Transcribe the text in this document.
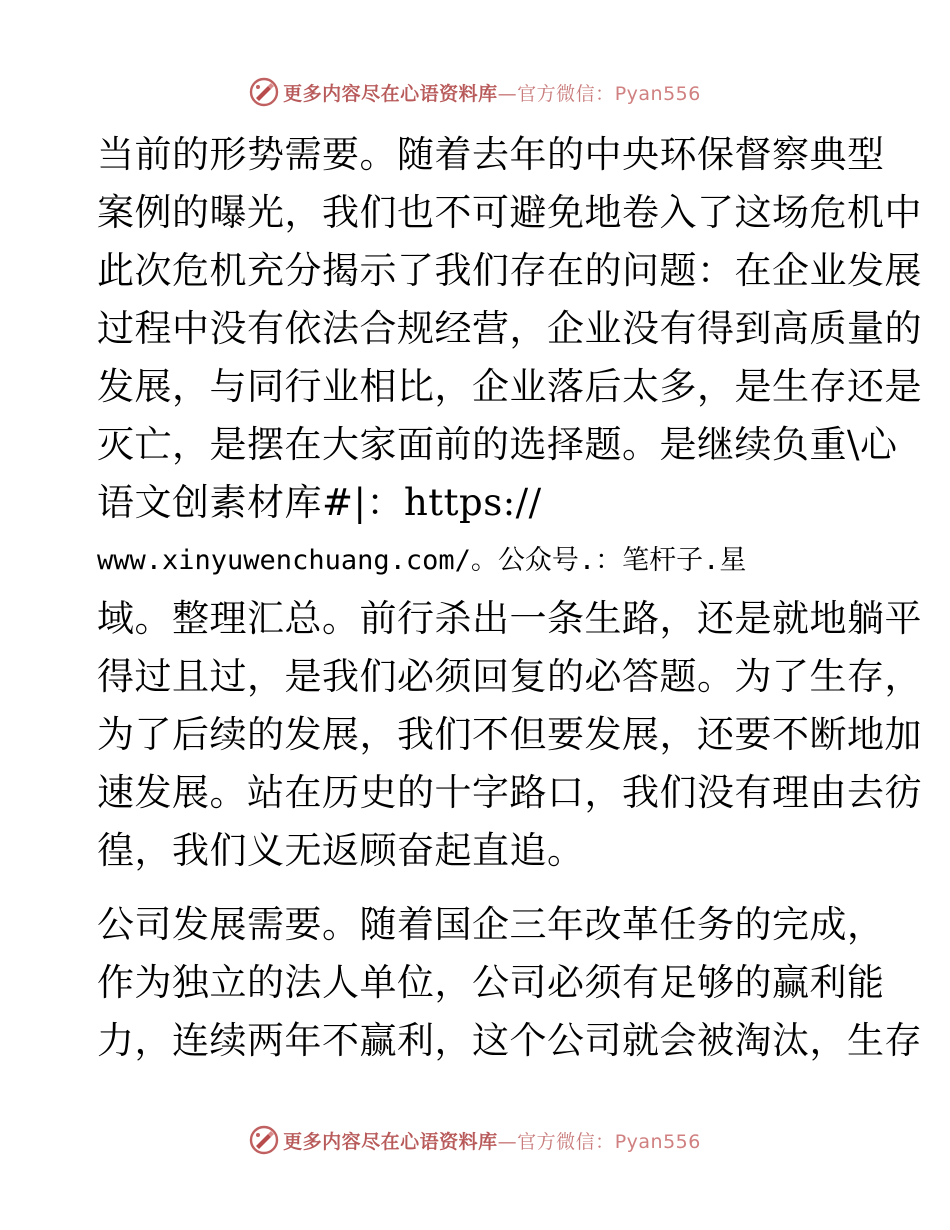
更多内容尽在心语资料库—官方微信：Pyan556
当前的形势需要。随着去年的中央环保督察典型
案例的曝光，我们也不可避免地卷入了这场危机中
此次危机充分揭示了我们存在的问题：在企业发展
过程中没有依法合规经营，企业没有得到高质量的
发展，与同行业相比，企业落后太多，是生存还是
灭亡，是摆在大家面前的选择题。是继续负重\心
语文创素材库#|：https://
www.xinyuwenchuang.com/。公众号.：笔杆子.星
域。整理汇总。前行杀出一条生路，还是就地躺平
得过且过，是我们必须回复的必答题。为了生存，
为了后续的发展，我们不但要发展，还要不断地加
速发展。站在历史的十字路口，我们没有理由去彷
徨，我们义无返顾奋起直追。
公司发展需要。随着国企三年改革任务的完成，
作为独立的法人单位，公司必须有足够的赢利能
力，连续两年不赢利，这个公司就会被淘汰，生存
更多内容尽在心语资料库—官方微信：Pyan556
